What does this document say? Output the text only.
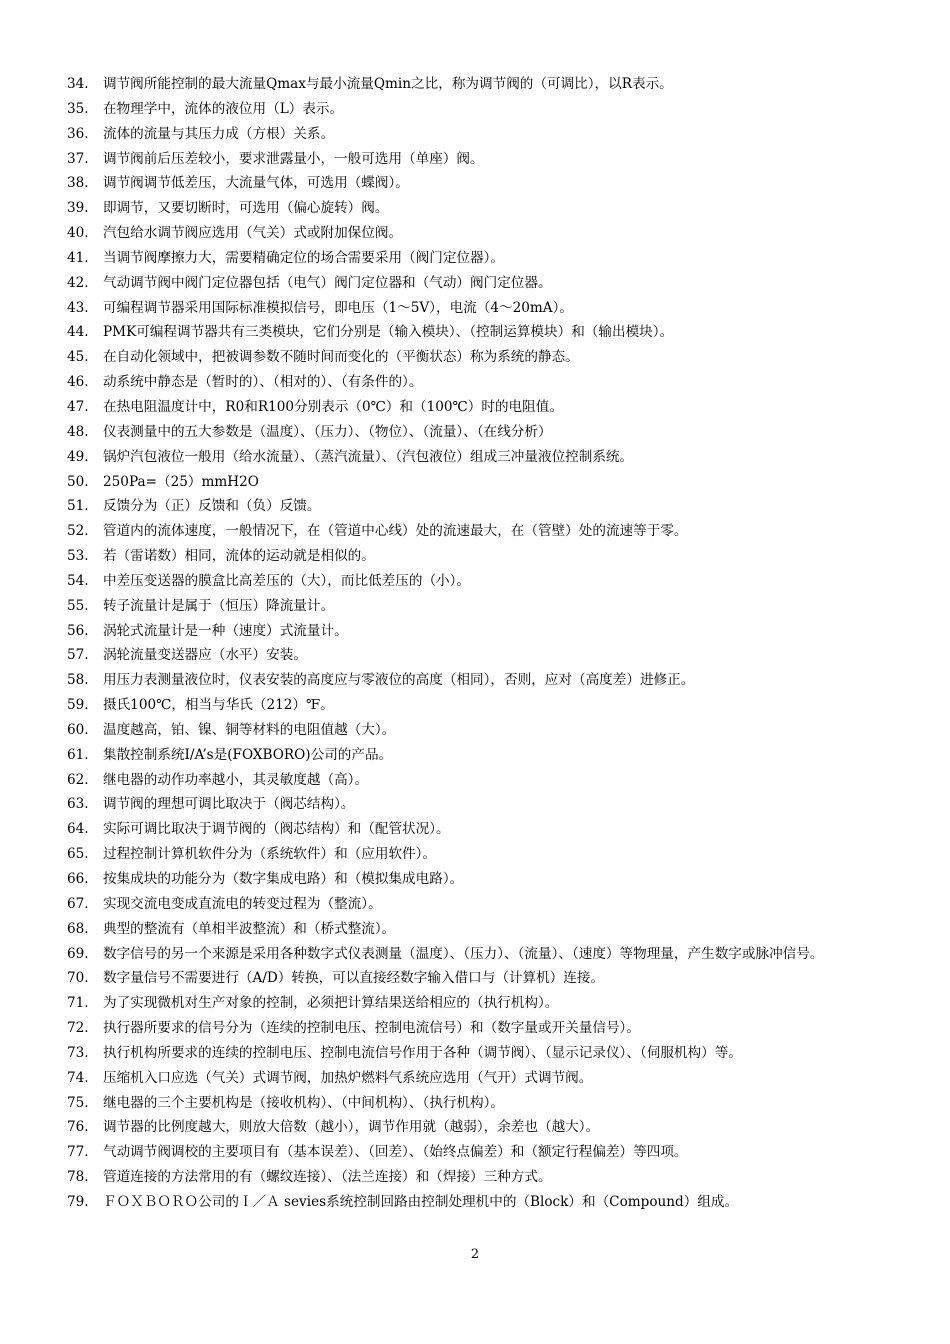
34. 调节阀所能控制的最大流量Qmax与最小流量Qmin之比，称为调节阀的（可调比），以R表示。
35. 在物理学中，流体的液位用（L）表示。
36. 流体的流量与其压力成（方根）关系。
37. 调节阀前后压差较小，要求泄露量小，一般可选用（单座）阀。
38. 调节阀调节低差压，大流量气体，可选用（蝶阀）。
39. 即调节，又要切断时，可选用（偏心旋转）阀。
40. 汽包给水调节阀应选用（气关）式或附加保位阀。
41. 当调节阀摩擦力大，需要精确定位的场合需要采用（阀门定位器）。
42. 气动调节阀中阀门定位器包括（电气）阀门定位器和（气动）阀门定位器。
43. 可编程调节器采用国际标准模拟信号，即电压（1～5V），电流（4～20mA）。
44. PMK可编程调节器共有三类模块，它们分别是（输入模块）、（控制运算模块）和（输出模块）。
45. 在自动化领域中，把被调参数不随时间而变化的（平衡状态）称为系统的静态。
46. 动系统中静态是（暂时的）、（相对的）、（有条件的）。
47. 在热电阻温度计中，R0和R100分别表示（0℃）和（100℃）时的电阻值。
48. 仪表测量中的五大参数是（温度）、（压力）、（物位）、（流量）、（在线分析）
49. 锅炉汽包液位一般用（给水流量）、（蒸汽流量）、（汽包液位）组成三冲量液位控制系统。
50. 250Pa=（25）mmH2O
51. 反馈分为（正）反馈和（负）反馈。
52. 管道内的流体速度，一般情况下，在（管道中心线）处的流速最大，在（管壁）处的流速等于零。
53. 若（雷诺数）相同，流体的运动就是相似的。
54. 中差压变送器的膜盒比高差压的（大），而比低差压的（小）。
55. 转子流量计是属于（恒压）降流量计。
56. 涡轮式流量计是一种（速度）式流量计。
57. 涡轮流量变送器应（水平）安装。
58. 用压力表测量液位时，仪表安装的高度应与零液位的高度（相同），否则，应对（高度差）进修正。
59. 摄氏100℃，相当与华氏（212）℉。
60. 温度越高，铂、镍、铜等材料的电阻值越（大）。
61. 集散控制系统I/A’s是(FOXBORO)公司的产品。
62. 继电器的动作功率越小，其灵敏度越（高）。
63. 调节阀的理想可调比取决于（阀芯结构）。
64. 实际可调比取决于调节阀的（阀芯结构）和（配管状况）。
65. 过程控制计算机软件分为（系统软件）和（应用软件）。
66. 按集成块的功能分为（数字集成电路）和（模拟集成电路）。
67. 实现交流电变成直流电的转变过程为（整流）。
68. 典型的整流有（单相半波整流）和（桥式整流）。
69. 数字信号的另一个来源是采用各种数字式仪表测量（温度）、（压力）、（流量）、（速度）等物理量，产生数字或脉冲信号。
70. 数字量信号不需要进行（A/D）转换，可以直接经数字输入借口与（计算机）连接。
71. 为了实现微机对生产对象的控制，必须把计算结果送给相应的（执行机构）。
72. 执行器所要求的信号分为（连续的控制电压、控制电流信号）和（数字量或开关量信号）。
73. 执行机构所要求的连续的控制电压、控制电流信号作用于各种（调节阀）、（显示记录仪）、（伺服机构）等。
74. 压缩机入口应选（气关）式调节阀，加热炉燃料气系统应选用（气开）式调节阀。
75. 继电器的三个主要机构是（接收机构）、（中间机构）、（执行机构）。
76. 调节器的比例度越大，则放大倍数（越小），调节作用就（越弱），余差也（越大）。
77. 气动调节阀调校的主要项目有（基本误差）、（回差）、（始终点偏差）和（额定行程偏差）等四项。
78. 管道连接的方法常用的有（螺纹连接）、（法兰连接）和（焊接）三种方式。
79. ＦＯＸＢＯＲＯ公司的Ｉ／Ａ sevies系统控制回路由控制处理机中的（Block）和（Compound）组成。
2
